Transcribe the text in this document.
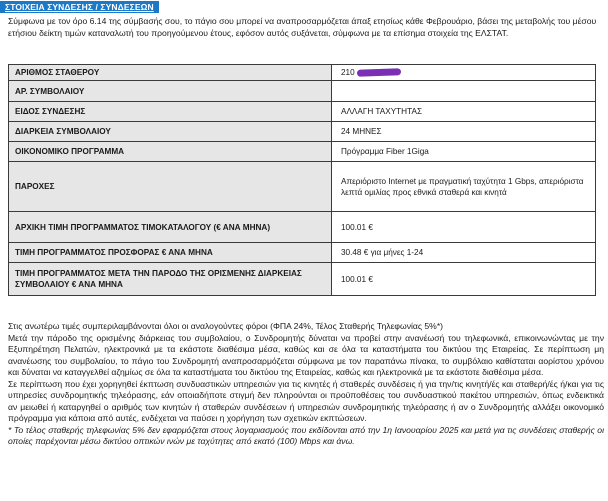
ΣΤΟΙΧΕΙΑ ΣΥΝΔΕΣΗΣ / ΣΥΝΔΕΣΕΩΝ

Σύμφωνα με τον όρο 6.14 της σύμβασής σου, το πάγιο σου μπορεί να αναπροσαρμόζεται άπαξ ετησίως κάθε Φεβρουάριο, βάσει της μεταβολής του μέσου ετήσιου δείκτη τιμών καταναλωτή του προηγούμενου έτους, εφόσον αυτός συξάνεται, σύμφωνα με τα επίσημα στοιχεία της ΕΛΣΤΑΤ.

ΑΡΙΘΜΟΣ ΣΤΑΘΕΡΟΥ	210
ΑΡ. ΣΥΜΒΟΛΑΙΟΥ	
ΕΙΔΟΣ ΣΥΝΔΕΣΗΣ	ΑΛΛΑΓΗ ΤΑΧΥΤΗΤΑΣ
ΔΙΑΡΚΕΙΑ ΣΥΜΒΟΛΑΙΟΥ	24 ΜΗΝΕΣ
ΟΙΚΟΝΟΜΙΚΟ ΠΡΟΓΡΑΜΜΑ	Πρόγραμμα Fiber 1Giga
ΠΑΡΟΧΕΣ	Απεριόριστο Internet με πραγματική ταχύτητα 1 Gbps, απεριόριστα λεπτά ομιλίας προς εθνικά σταθερά και κινητά
ΑΡΧΙΚΗ ΤΙΜΗ ΠΡΟΓΡΑΜΜΑΤΟΣ ΤΙΜΟΚΑΤΑΛΟΓΟΥ (€ ΑΝΑ ΜΗΝΑ)	100.01 €
ΤΙΜΗ ΠΡΟΓΡΑΜΜΑΤΟΣ ΠΡΟΣΦΟΡΑΣ € ΑΝΑ ΜΗΝΑ	30.48 € για μήνες 1-24
ΤΙΜΗ ΠΡΟΓΡΑΜΜΑΤΟΣ ΜΕΤΑ ΤΗΝ ΠΑΡΟΔΟ ΤΗΣ ΟΡΙΣΜΕΝΗΣ ΔΙΑΡΚΕΙΑΣ ΣΥΜΒΟΛΑΙΟΥ € ΑΝΑ ΜΗΝΑ	100.01 €

Στις ανωτέρω τιμές συμπεριλαμβάνονται όλοι οι αναλογούντες φόροι (ΦΠΑ 24%, Τέλος Σταθερής Τηλεφωνίας 5%*)

Μετά την πάροδο της ορισμένης διάρκειας του συμβολαίου, ο Συνδρομητής δύναται να προβεί στην ανανέωσή του τηλεφωνικά, επικοινωνώντας με την Εξυπηρέτηση Πελατών, ηλεκτρονικά με τα εκάστοτε διαθέσιμα μέσα, καθώς και σε όλα τα καταστήματα του δικτύου της Εταιρείας. Σε περίπτωση μη ανανέωσης του συμβολαίου, το πάγιο του Συνδρομητή αναπροσαρμόζεται σύμφωνα με τον παραπάνω πίνακα, το συμβόλαιο καθίσταται αορίστου χρόνου και δύναται να καταγγελθεί αζημίως σε όλα τα καταστήματα του δικτύου της Εταιρείας, καθώς και ηλεκτρονικά με τα εκάστοτε διαθέσιμα μέσα.

Σε περίπτωση που έχει χορηγηθεί έκπτωση συνδυαστικών υπηρεσιών για τις κινητές ή σταθερές συνδέσεις ή για την/τις κινητή/ές και σταθερή/ές ή/και για τις υπηρεσίες συνδρομητικής τηλεόρασης, εάν οποιαδήποτε στιγμή δεν πληρούνται οι προϋποθέσεις του συνδυαστικού πακέτου υπηρεσιών, όπως ενδεικτικά αν μειωθεί ή καταργηθεί ο αριθμός των κινητών ή σταθερών συνδέσεων ή υπηρεσιών συνδρομητικής τηλεόρασης ή αν ο Συνδρομητής αλλάξει οικονομικό πρόγραμμα για κάποια από αυτές, ενδέχεται να παύσει η χορήγηση των σχετικών εκπτώσεων.

* Το τέλος σταθερής τηλεφωνίας 5% δεν εφαρμόζεται στους λογαριασμούς που εκδίδονται από την 1η Ιανουαρίου 2025 και μετά για τις συνδέσεις σταθερής οι οποίες παρέχονται μέσω δικτύου οπτικών ινών με ταχύτητες από εκατό (100) Mbps και άνω.
